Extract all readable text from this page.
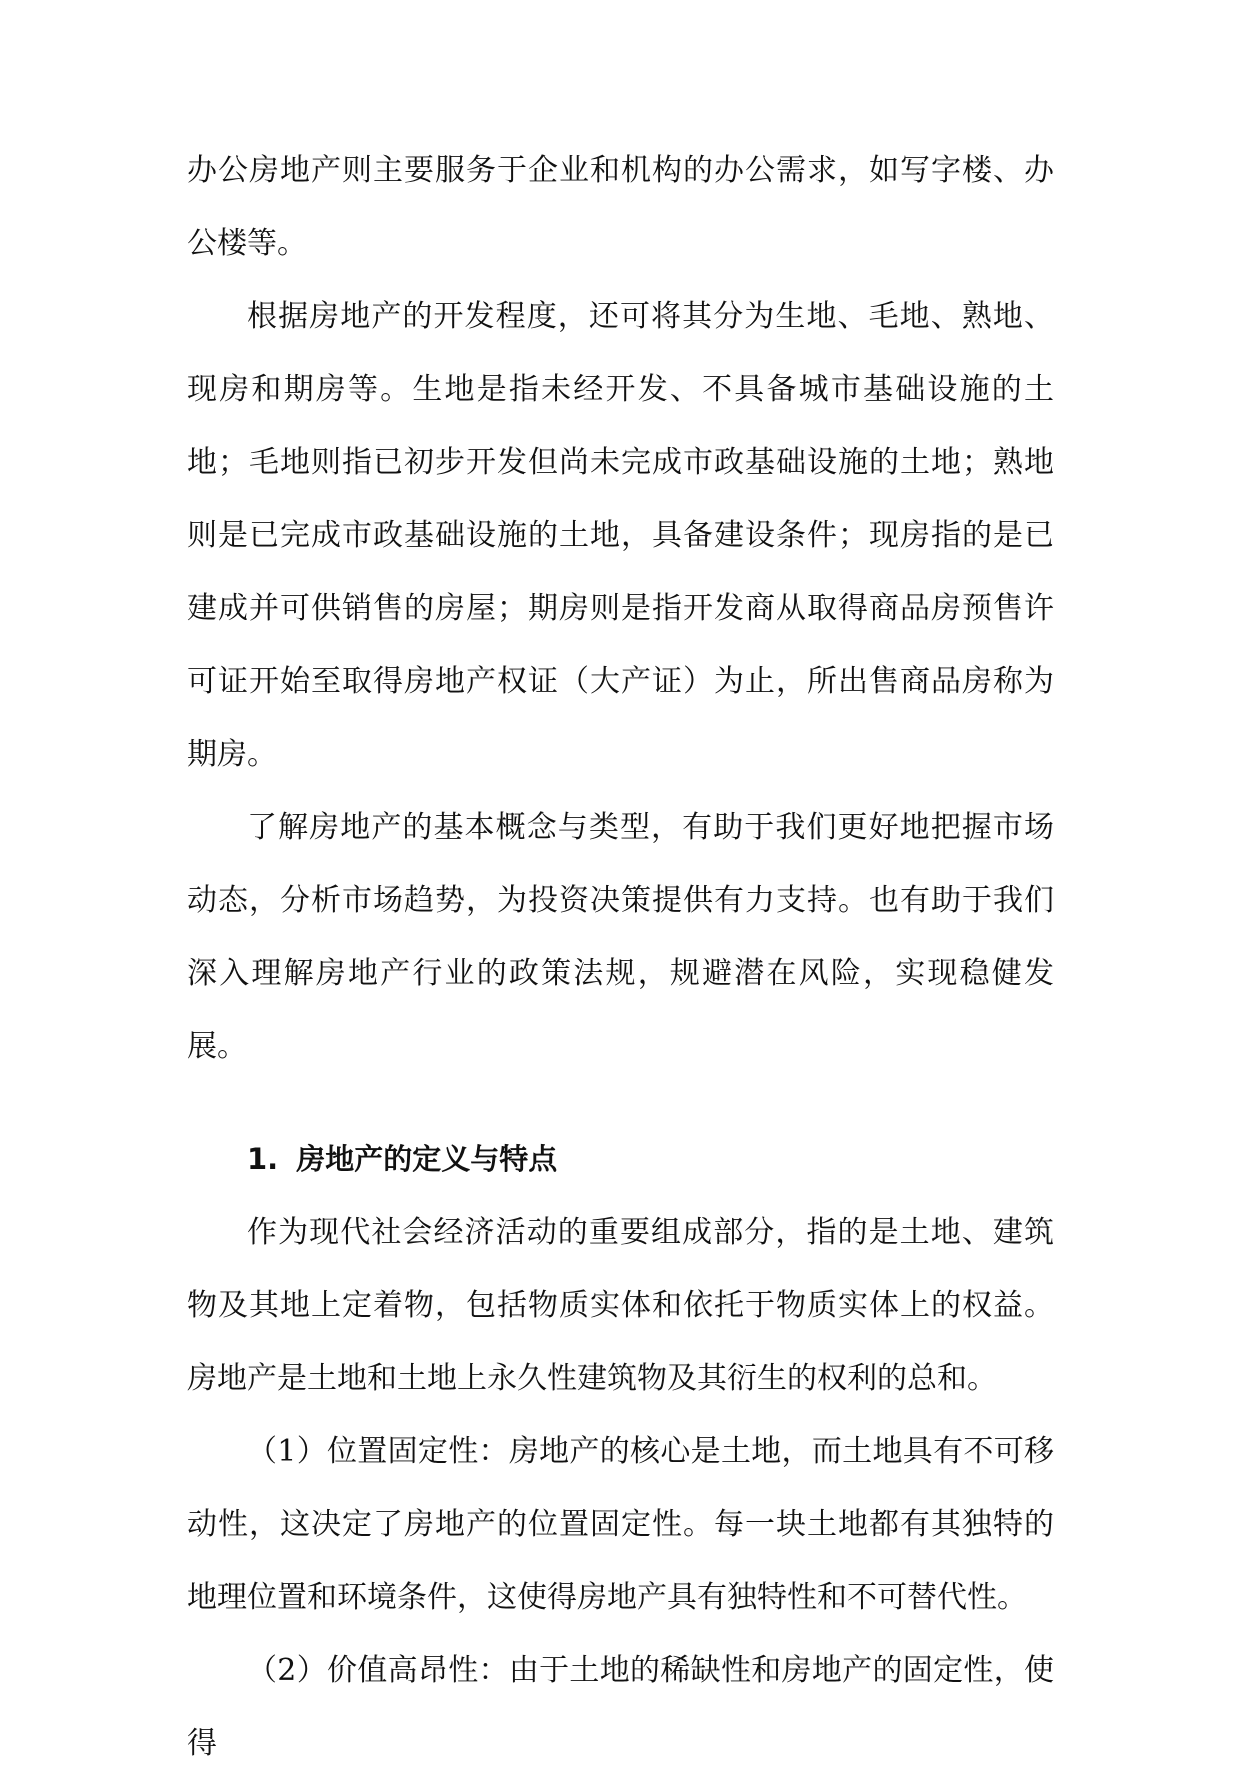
办公房地产则主要服务于企业和机构的办公需求，如写字楼、办公楼等。

根据房地产的开发程度，还可将其分为生地、毛地、熟地、现房和期房等。生地是指未经开发、不具备城市基础设施的土地；毛地则指已初步开发但尚未完成市政基础设施的土地；熟地则是已完成市政基础设施的土地，具备建设条件；现房指的是已建成并可供销售的房屋；期房则是指开发商从取得商品房预售许可证开始至取得房地产权证（大产证）为止，所出售商品房称为期房。

了解房地产的基本概念与类型，有助于我们更好地把握市场动态，分析市场趋势，为投资决策提供有力支持。也有助于我们深入理解房地产行业的政策法规，规避潜在风险，实现稳健发展。

1. 房地产的定义与特点

作为现代社会经济活动的重要组成部分，指的是土地、建筑物及其地上定着物，包括物质实体和依托于物质实体上的权益。房地产是土地和土地上永久性建筑物及其衍生的权利的总和。

（1）位置固定性：房地产的核心是土地，而土地具有不可移动性，这决定了房地产的位置固定性。每一块土地都有其独特的地理位置和环境条件，这使得房地产具有独特性和不可替代性。

（2）价值高昂性：由于土地的稀缺性和房地产的固定性，使得
